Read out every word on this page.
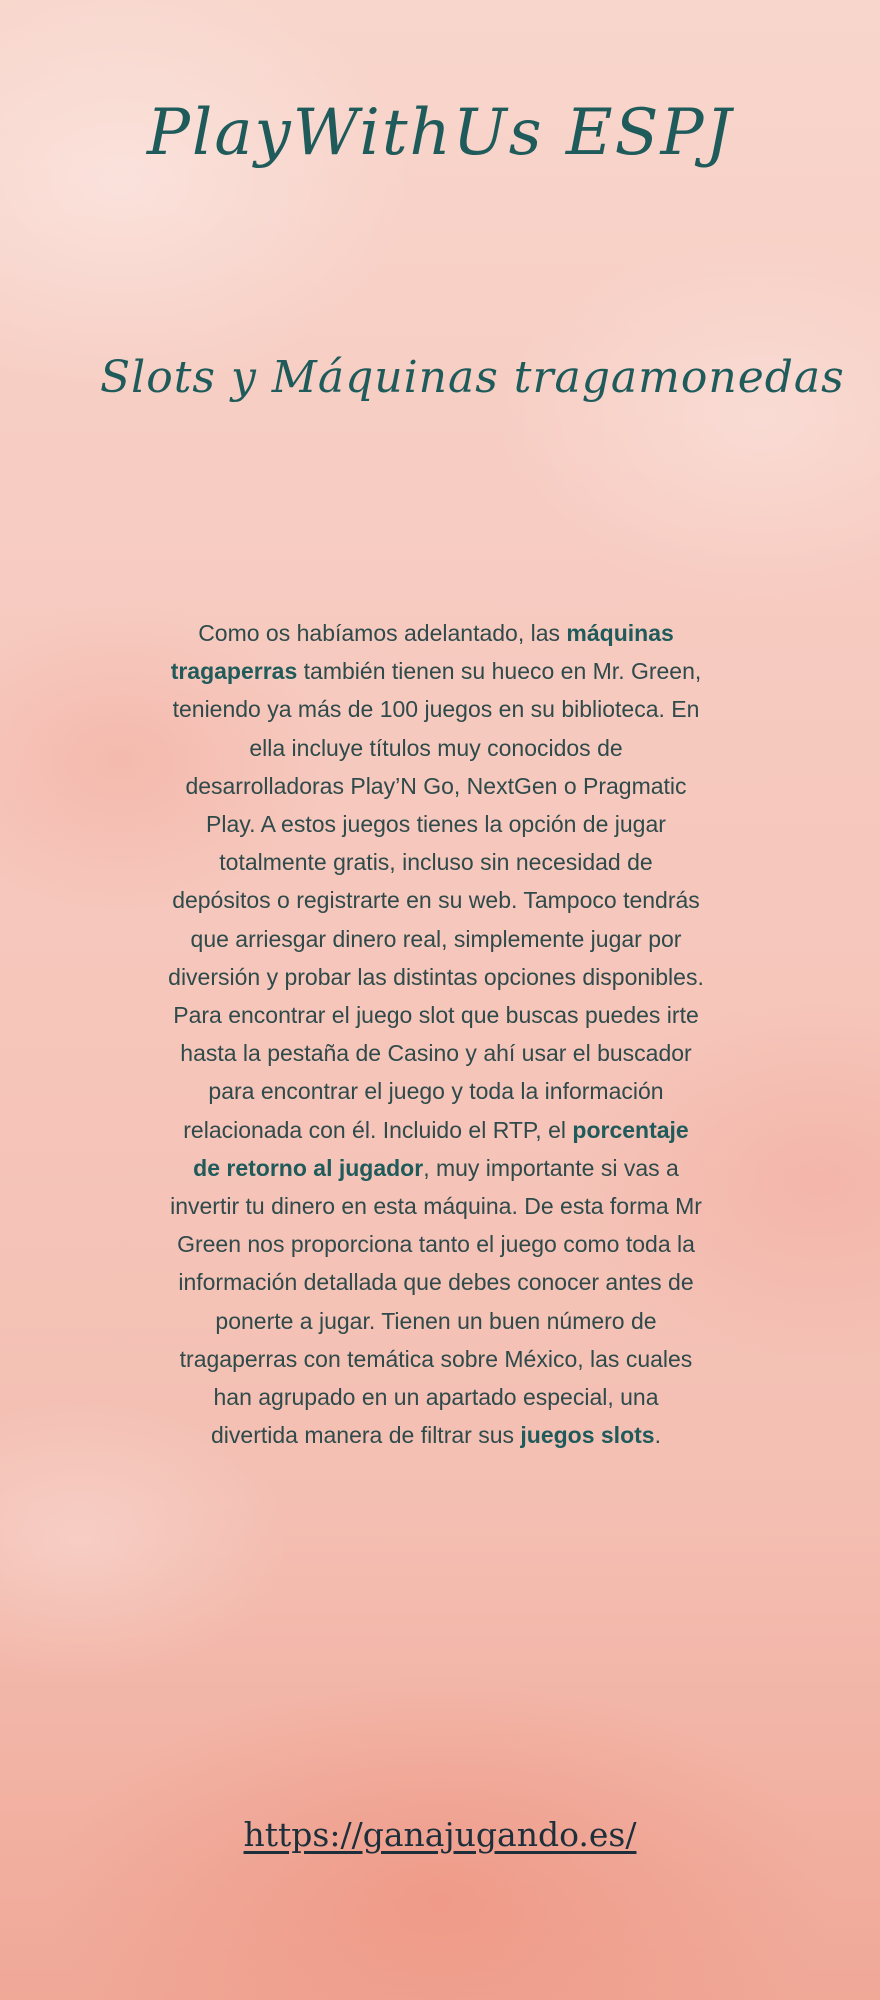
PlayWithUs ESPJ
Slots y Máquinas tragamonedas

Como os habíamos adelantado, las máquinas tragaperras también tienen su hueco en Mr. Green, teniendo ya más de 100 juegos en su biblioteca. En ella incluye títulos muy conocidos de desarrolladoras Play’N Go, NextGen o Pragmatic Play. A estos juegos tienes la opción de jugar totalmente gratis, incluso sin necesidad de depósitos o registrarte en su web. Tampoco tendrás que arriesgar dinero real, simplemente jugar por diversión y probar las distintas opciones disponibles.

Para encontrar el juego slot que buscas puedes irte hasta la pestaña de Casino y ahí usar el buscador para encontrar el juego y toda la información relacionada con él. Incluido el RTP, el porcentaje de retorno al jugador, muy importante si vas a invertir tu dinero en esta máquina. De esta forma Mr Green nos proporciona tanto el juego como toda la información detallada que debes conocer antes de ponerte a jugar. Tienen un buen número de tragaperras con temática sobre México, las cuales han agrupado en un apartado especial, una divertida manera de filtrar sus juegos slots.

https://ganajugando.es/
